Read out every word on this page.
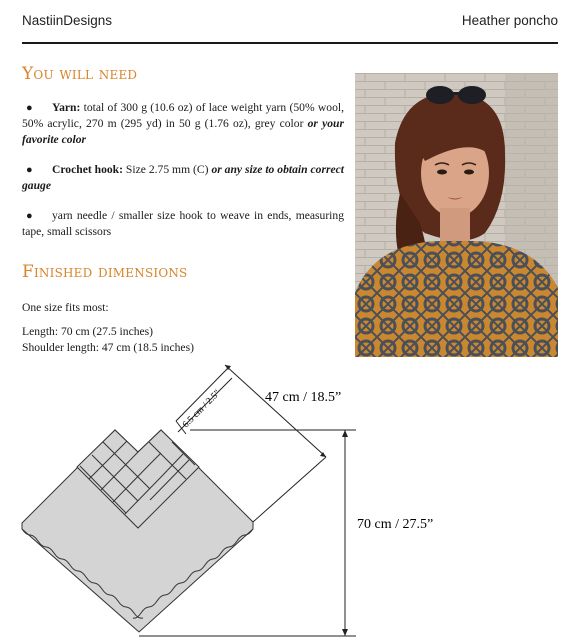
NastiinDesigns	Heather poncho
You will need
● Yarn: total of 300 g (10.6 oz) of lace weight yarn (50% wool, 50% acrylic, 270 m (295 yd) in 50 g (1.76 oz), grey color or your favorite color
● Crochet hook: Size 2.75 mm (C) or any size to obtain correct gauge
● yarn needle / smaller size hook to weave in ends, measuring tape, small scissors
Finished dimensions
One size fits most:
Length: 70 cm (27.5 inches)
Shoulder length: 47 cm (18.5 inches)
6.5 cm / 2.5"	47 cm / 18.5”
70 cm / 27.5”
